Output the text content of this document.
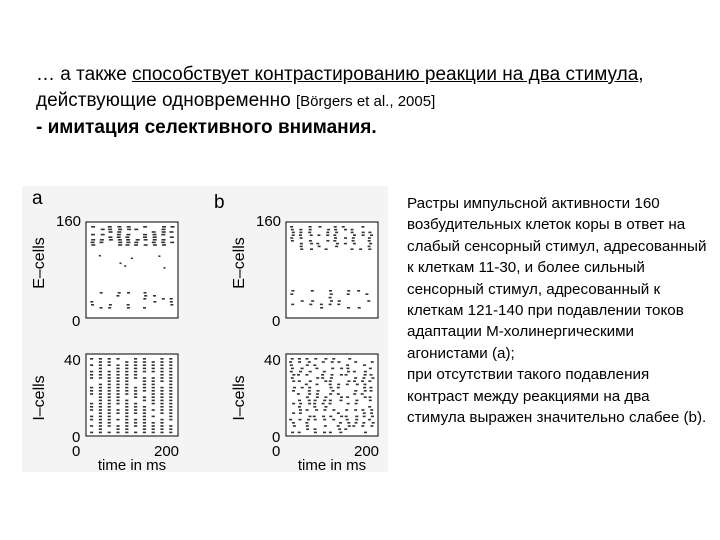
… а также способствует контрастированию реакции на два стимула, действующие одновременно [Börgers et al., 2005]
- имитация селективного внимания.
a	b
E–cells	E–cells
I–cells	I–cells
160
0
40
0
160
0
40
0
0	200	0	200
time in ms	time in ms

Растры импульсной активности 160 возбудительных клеток коры в ответ на слабый сенсорный стимул, адресованный к клеткам 11-30, и более сильный сенсорный стимул, адресованный к клеткам 121-140 при подавлении токов адаптации М-холинергическими агонистами (a);

при отсутствии такого подавления контраст между реакциями на два стимула выражен значительно слабее (b).
